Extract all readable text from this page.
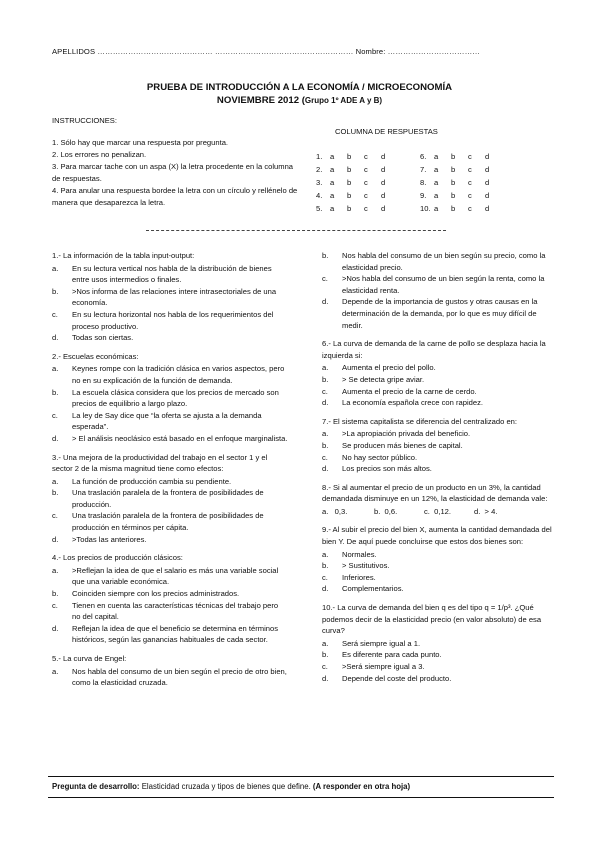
APELLIDOS ……………………………………… ……………………………………………… Nombre: ………………………………
PRUEBA DE INTRODUCCIÓN A LA ECONOMÍA / MICROECONOMÍA
NOVIEMBRE 2012 (Grupo 1º ADE A y B)
INSTRUCCIONES:

1. Sólo hay que marcar una respuesta por pregunta.

2. Los errores no penalizan.

3. Para marcar tache con un aspa (X) la letra procedente en la columna de respuestas.

4. Para anular una respuesta bordee la letra con un círculo y rellénelo de manera que desaparezca la letra.

COLUMNA DE RESPUESTAS
1. a b c d	6. a b c d
2. a b c d	7. a b c d
3. a b c d	8. a b c d
4. a b c d	9. a b c d
5. a b c d	10. a b c d
1.- La información de la tabla input-output:
a.	En su lectura vertical nos habla de la distribución de bienes entre usos intermedios o finales.
b.	>Nos informa de las relaciones intere intrasectoriales de una economía.
c.	En su lectura horizontal nos habla de los requerimientos del proceso productivo.
d.	Todas son ciertas.
2.- Escuelas económicas:
a.	Keynes rompe con la tradición clásica en varios aspectos, pero no en su explicación de la función de demanda.
b.	La escuela clásica considera que los precios de mercado son precios de equilibrio a largo plazo.
c.	La ley de Say dice que “la oferta se ajusta a la demanda esperada”.
d.	> El análisis neoclásico está basado en el enfoque marginalista.
3.- Una mejora de la productividad del trabajo en el sector 1 y el sector 2 de la misma magnitud tiene como efectos:
a.	La función de producción cambia su pendiente.
b.	Una traslación paralela de la frontera de posibilidades de producción.
c.	Una traslación paralela de la frontera de posibilidades de producción en términos per cápita.
d.	>Todas las anteriores.
4.- Los precios de producción clásicos:
a.	>Reflejan la idea de que el salario es más una variable social que una variable económica.
b.	Coinciden siempre con los precios administrados.
c.	Tienen en cuenta las características técnicas del trabajo pero no del capital.
d.	Reflejan la idea de que el beneficio se determina en términos históricos, según las ganancias habituales de cada sector.
5.- La curva de Engel:
a.	Nos habla del consumo de un bien según el precio de otro bien, como la elasticidad cruzada.
b.	Nos habla del consumo de un bien según su precio, como la elasticidad precio.
c.	>Nos habla del consumo de un bien según la renta, como la elasticidad renta.
d.	Depende de la importancia de gustos y otras causas en la determinación de la demanda, por lo que es muy difícil de medir.
6.- La curva de demanda de la carne de pollo se desplaza hacia la izquierda si:
a.	Aumenta el precio del pollo.
b.	> Se detecta gripe aviar.
c.	Aumenta el precio de la carne de cerdo.
d.	La economía española crece con rapidez.
7.- El sistema capitalista se diferencia del centralizado en:
a.	>La apropiación privada del beneficio.
b.	Se producen más bienes de capital.
c.	No hay sector público.
d.	Los precios son más altos.
8.- Si al aumentar el precio de un producto en un 3%, la cantidad demandada disminuye en un 12%, la elasticidad de demanda vale:
a.   0,3.	b.  0,6.	c.  0,12.	d.  > 4.
9.- Al subir el precio del bien X, aumenta la cantidad demandada del bien Y. De aquí puede concluirse que estos dos bienes son:
a.	Normales.
b.	> Sustitutivos.
c.	Inferiores.
d.	Complementarios.
10.- La curva de demanda del bien q es del tipo q = 1/p³. ¿Qué podemos decir de la elasticidad precio (en valor absoluto) de esa curva?
a.	Será siempre igual a 1.
b.	Es diferente para cada punto.
c.	>Será siempre igual a 3.
d.	Depende del coste del producto.
Pregunta de desarrollo: Elasticidad cruzada y tipos de bienes que define. (A responder en otra hoja)
